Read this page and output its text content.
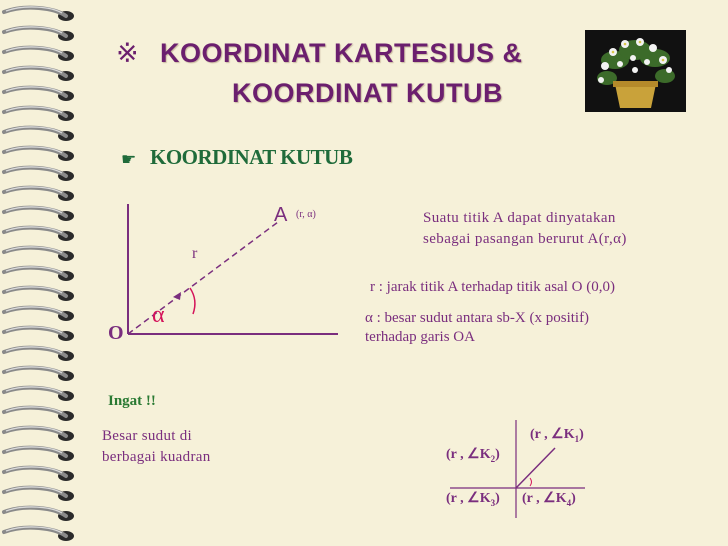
※ KOORDINAT KARTESIUS &
KOORDINAT KUTUB
☛ KOORDINAT KUTUB
O
A (r, α)
r
α
Suatu titik A dapat dinyatakan
sebagai pasangan berurut A(r,α)
r : jarak titik A terhadap titik asal O (0,0)
α : besar sudut antara sb-X (x positif)
terhadap garis OA
Ingat !!
Besar sudut di
berbagai kuadran
(r , $\angle K_1$)
(r , $\angle K_2$)
(r , $\angle K_3$) (r , $\angle K_4$)
